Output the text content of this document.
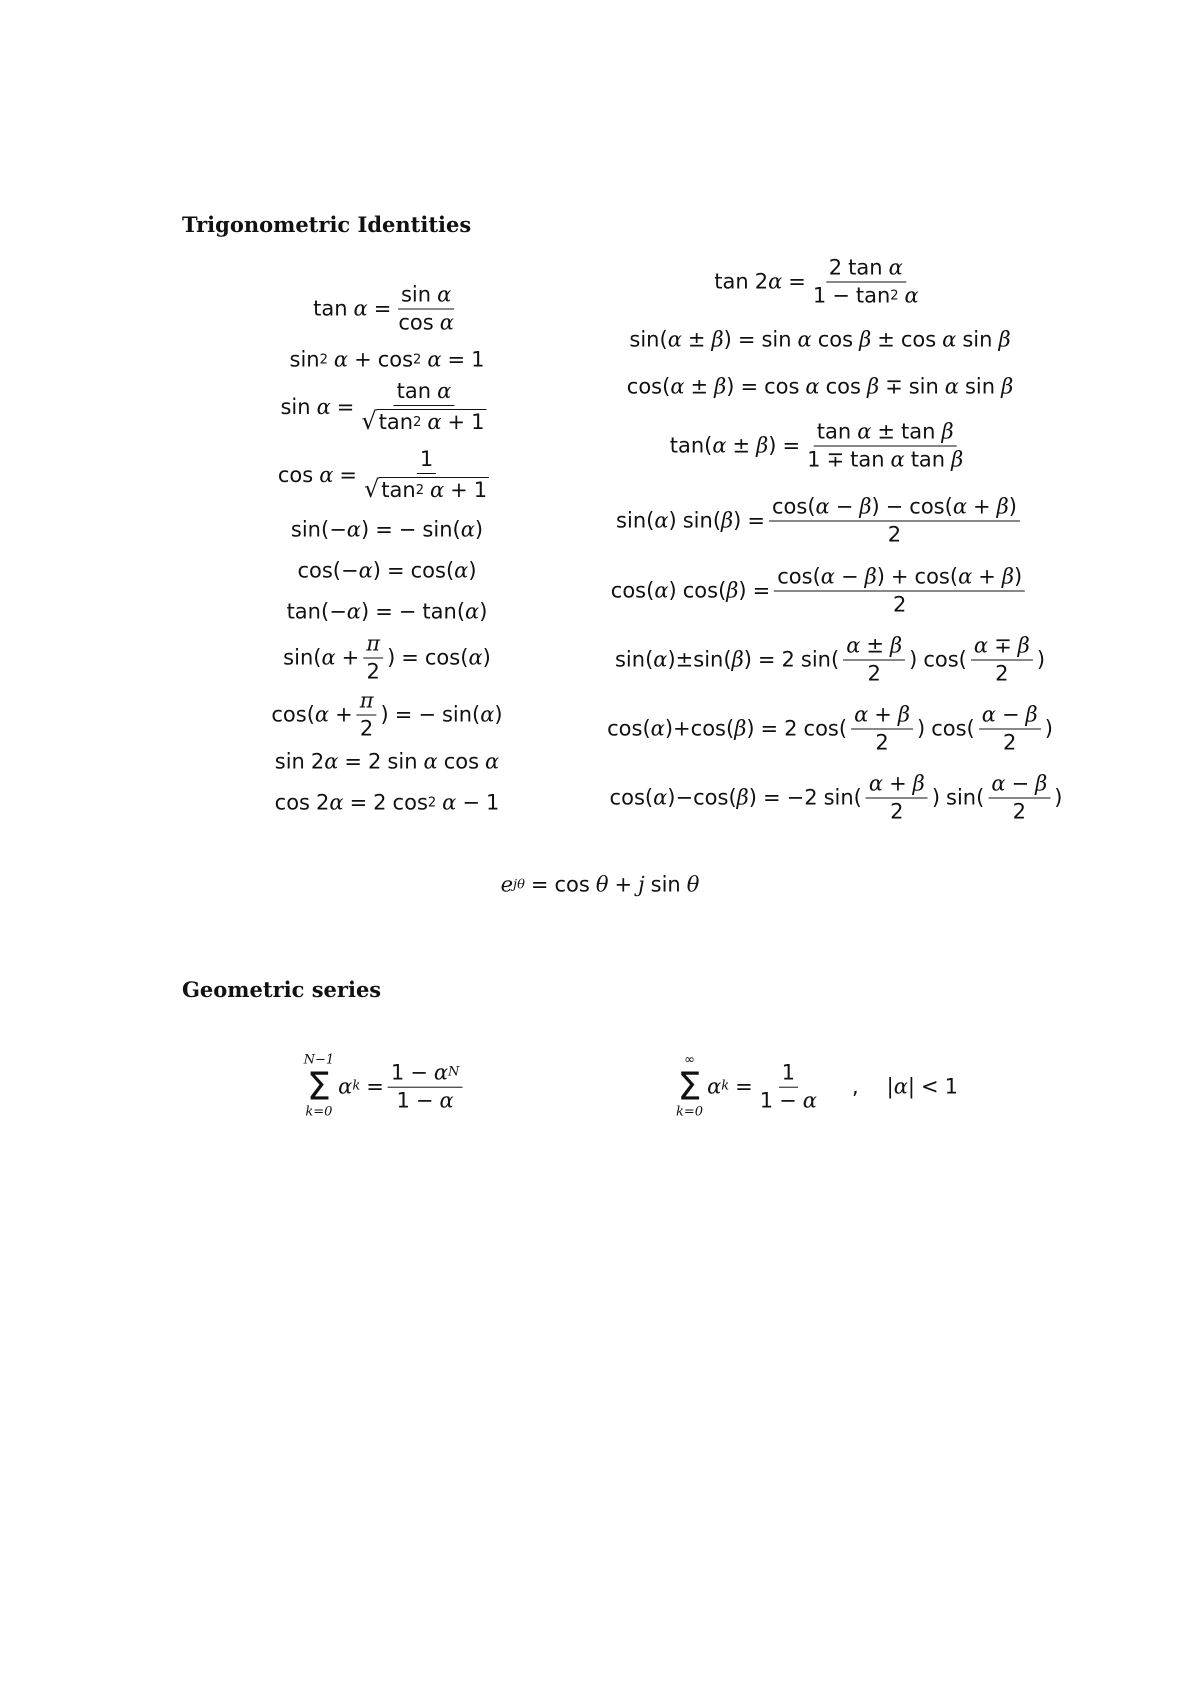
Trigonometric Identities
$\tan \alpha = \frac{\text{sin α}}{\text{cos α}}$
sin 2 α + cos 2 α = 1
$\sin \alpha = \frac{\text{tan α}}{√ \tan 2 \alpha + 1}$
$\cos \alpha = \frac{1}{√ \tan 2 \alpha + 1}$
sin ( − α ) = − sin ( α )
cos ( − α ) = cos ( α )
tan ( − α ) = − tan ( α )
sin ( $\alpha + \frac{\pi}{2}$ ) = cos ( α )
cos ( $\alpha + \frac{\pi}{2}$ ) = − sin ( α )
sin 2 α = 2 sin α cos α
cos 2 α = 2 cos 2 α − 1
tan 2 $\alpha = \frac{\text{2 tan α}}{1 - \tan 2 \alpha}$
sin ( α ± β ) = sin α cos β ± cos α sin β
cos ( α ± β ) = cos α cos β ∓ sin α sin β
tan ( α ± β ) = $\frac{\text{tan α ± tan β}}{\text{1 ∓ tan α tan β}}$
sin ( α ) sin ( β ) = $\frac{\cos ( \alpha - \beta ) - \cos ( \alpha + \beta )}{2}$
cos ( α ) cos ( β ) = $\frac{\cos ( \alpha - \beta ) + \cos ( \alpha + \beta )}{2}$
sin ( α ) ± sin ( β ) = 2 sin ( $\frac{\alpha \pm \beta}{2}$ ) cos ( $\frac{\alpha \mp \beta}{2}$ )
cos ( α ) + cos ( β ) = 2 cos ( $\frac{\alpha + \beta}{2}$ ) cos ( $\frac{\alpha - \beta}{2}$ )
cos ( α ) − cos ( β ) = − 2 sin ( $\frac{\alpha + \beta}{2}$ ) sin ( $\frac{\alpha - \beta}{2}$ )
e jθ = cos θ + j sin θ
Geometric series
N−1
Σ
k=0
α $k = \frac{\text{1 − α N}}{1 - \alpha}$
∞
Σ
k=0
α $k = \frac{1}{1 - \alpha}$ , | α | < 1
